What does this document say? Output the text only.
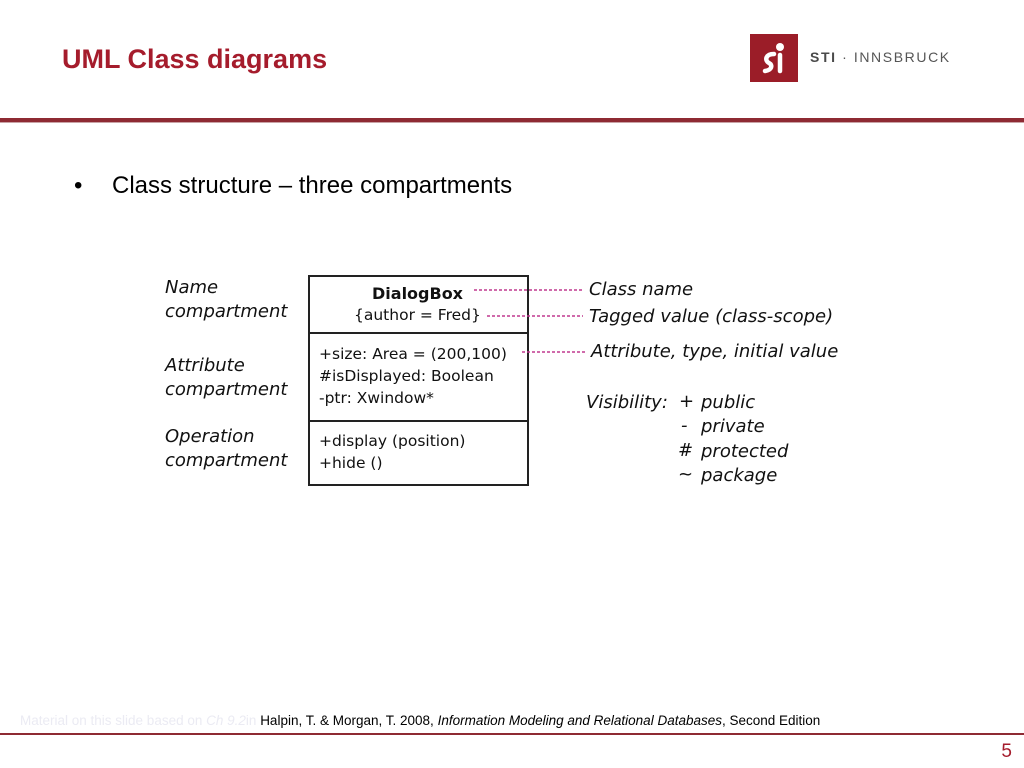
UML Class diagrams	STI · INNSBRUCK
• Class structure – three compartments
Name
compartment
Attribute
compartment
Operation
compartment
DialogBox
{author = Fred}
+size: Area = (200,100)
#isDisplayed: Boolean
-ptr: Xwindow*
+display (position)
+hide ()
Class name
Tagged value (class-scope)
Attribute, type, initial value
Visibility: + public
- private
# protected
~ package
Material on this slide based on Ch 9.2in Halpin, T. & Morgan, T. 2008, Information Modeling and Relational Databases, Second Edition
5
